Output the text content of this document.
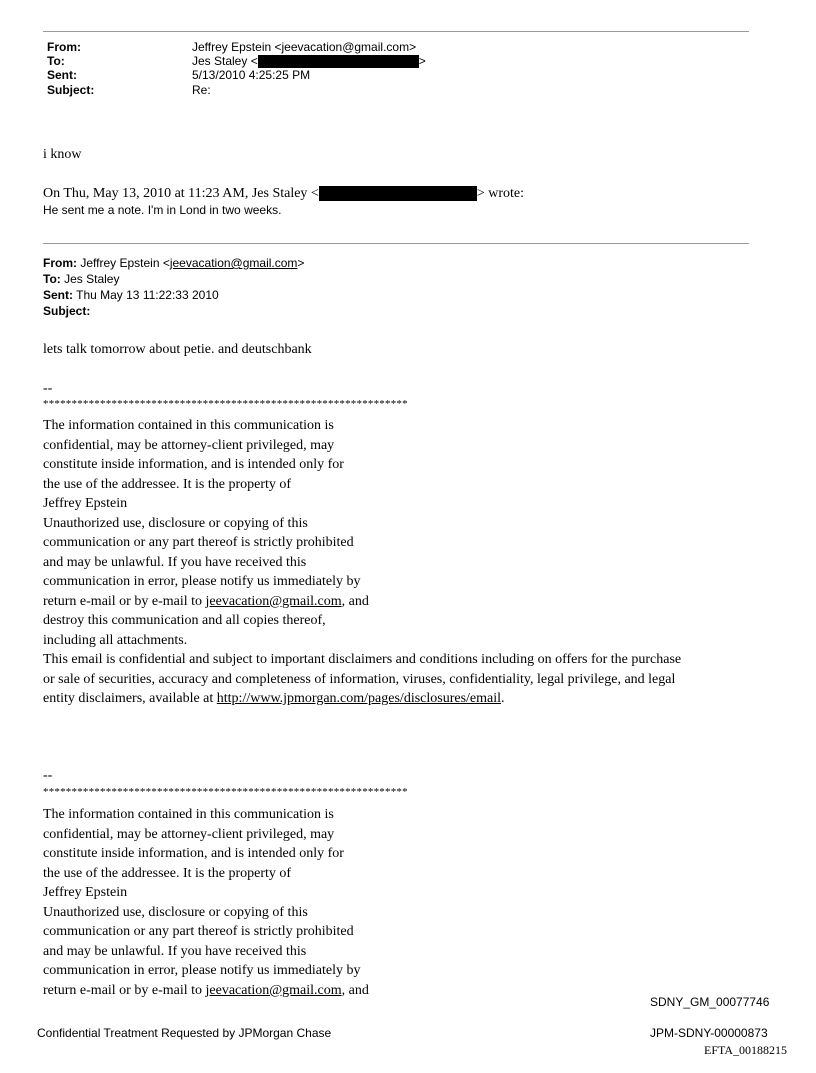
From:	Jeffrey Epstein <jeevacation@gmail.com>
To:	Jes Staley <	>
Sent:	5/13/2010 4:25:25 PM
Subject:	Re:
i know
On Thu, May 13, 2010 at 11:23 AM, Jes Staley <	> wrote:
He sent me a note. I'm in Lond in two weeks.
From: Jeffrey Epstein <jeevacation@gmail.com>
To: Jes Staley
Sent: Thu May 13 11:22:33 2010
Subject:
lets talk tomorrow about petie. and deutschbank
--
****************************************************************
The information contained in this communication is
confidential, may be attorney-client privileged, may
constitute inside information, and is intended only for
the use of the addressee. It is the property of
Jeffrey Epstein
Unauthorized use, disclosure or copying of this
communication or any part thereof is strictly prohibited
and may be unlawful. If you have received this
communication in error, please notify us immediately by
return e-mail or by e-mail to jeevacation@gmail.com, and
destroy this communication and all copies thereof,
including all attachments.
This email is confidential and subject to important disclaimers and conditions including on offers for the purchase
or sale of securities, accuracy and completeness of information, viruses, confidentiality, legal privilege, and legal
entity disclaimers, available at http://www.jpmorgan.com/pages/disclosures/email.
--
****************************************************************
The information contained in this communication is
confidential, may be attorney-client privileged, may
constitute inside information, and is intended only for
the use of the addressee. It is the property of
Jeffrey Epstein
Unauthorized use, disclosure or copying of this
communication or any part thereof is strictly prohibited
and may be unlawful. If you have received this
communication in error, please notify us immediately by
return e-mail or by e-mail to jeevacation@gmail.com, and
SDNY_GM_00077746
Confidential Treatment Requested by JPMorgan Chase	JPM-SDNY-00000873
EFTA_00188215
